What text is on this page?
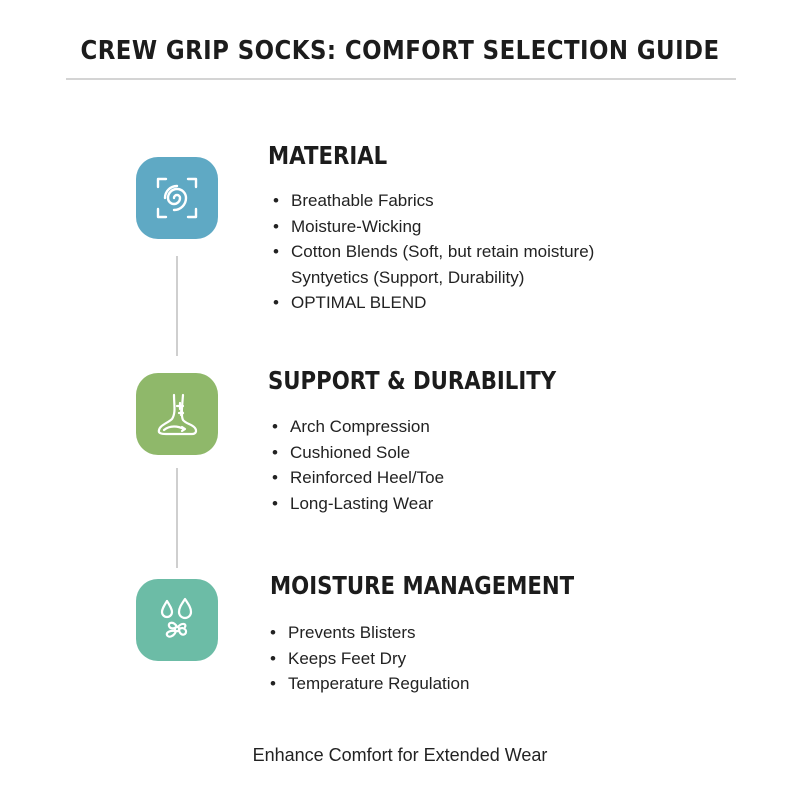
CREW GRIP SOCKS: COMFORT SELECTION GUIDE
MATERIAL
• Breathable Fabrics
• Moisture-Wicking
• Cotton Blends (Soft, but retain moisture)
Syntyetics (Support, Durability)
• OPTIMAL BLEND
SUPPORT & DURABILITY
• Arch Compression
• Cushioned Sole
• Reinforced Heel/Toe
• Long-Lasting Wear
MOISTURE MANAGEMENT
• Prevents Blisters
• Keeps Feet Dry
• Temperature Regulation
Enhance Comfort for Extended Wear
